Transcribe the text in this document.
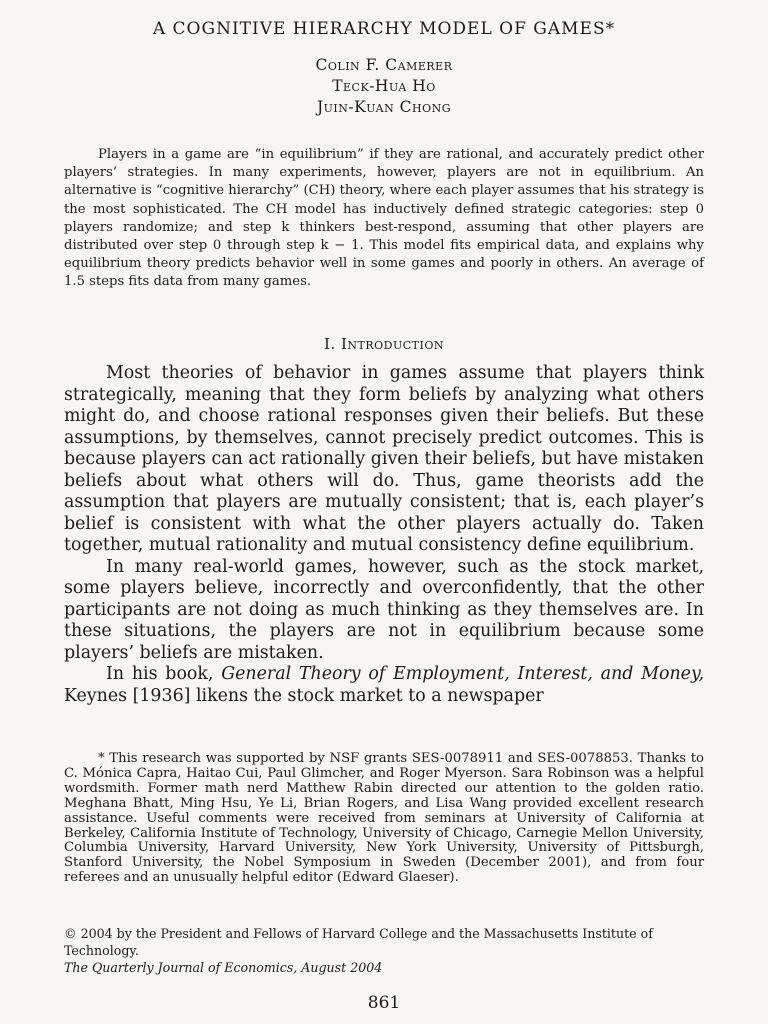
A COGNITIVE HIERARCHY MODEL OF GAMES*
Colin F. Camerer
Teck-Hua Ho
Juin-Kuan Chong
Players in a game are “in equilibrium” if they are rational, and accurately predict other players’ strategies. In many experiments, however, players are not in equilibrium. An alternative is “cognitive hierarchy” (CH) theory, where each player assumes that his strategy is the most sophisticated. The CH model has inductively defined strategic categories: step 0 players randomize; and step k thinkers best-respond, assuming that other players are distributed over step 0 through step k − 1. This model fits empirical data, and explains why equilibrium theory predicts behavior well in some games and poorly in others. An average of 1.5 steps fits data from many games.
I. Introduction

Most theories of behavior in games assume that players think strategically, meaning that they form beliefs by analyzing what others might do, and choose rational responses given their beliefs. But these assumptions, by themselves, cannot precisely predict outcomes. This is because players can act rationally given their beliefs, but have mistaken beliefs about what others will do. Thus, game theorists add the assumption that players are mutually consistent; that is, each player’s belief is consistent with what the other players actually do. Taken together, mutual rationality and mutual consistency define equilibrium.

In many real-world games, however, such as the stock market, some players believe, incorrectly and overconfidently, that the other participants are not doing as much thinking as they themselves are. In these situations, the players are not in equilibrium because some players’ beliefs are mistaken.

In his book, General Theory of Employment, Interest, and Money, Keynes [1936] likens the stock market to a newspaper

* This research was supported by NSF grants SES-0078911 and SES-0078853. Thanks to C. Mónica Capra, Haitao Cui, Paul Glimcher, and Roger Myerson. Sara Robinson was a helpful wordsmith. Former math nerd Matthew Rabin directed our attention to the golden ratio. Meghana Bhatt, Ming Hsu, Ye Li, Brian Rogers, and Lisa Wang provided excellent research assistance. Useful comments were received from seminars at University of California at Berkeley, California Institute of Technology, University of Chicago, Carnegie Mellon University, Columbia University, Harvard University, New York University, University of Pittsburgh, Stanford University, the Nobel Symposium in Sweden (December 2001), and from four referees and an unusually helpful editor (Edward Glaeser).
© 2004 by the President and Fellows of Harvard College and the Massachusetts Institute of Technology.
The Quarterly Journal of Economics, August 2004
861
